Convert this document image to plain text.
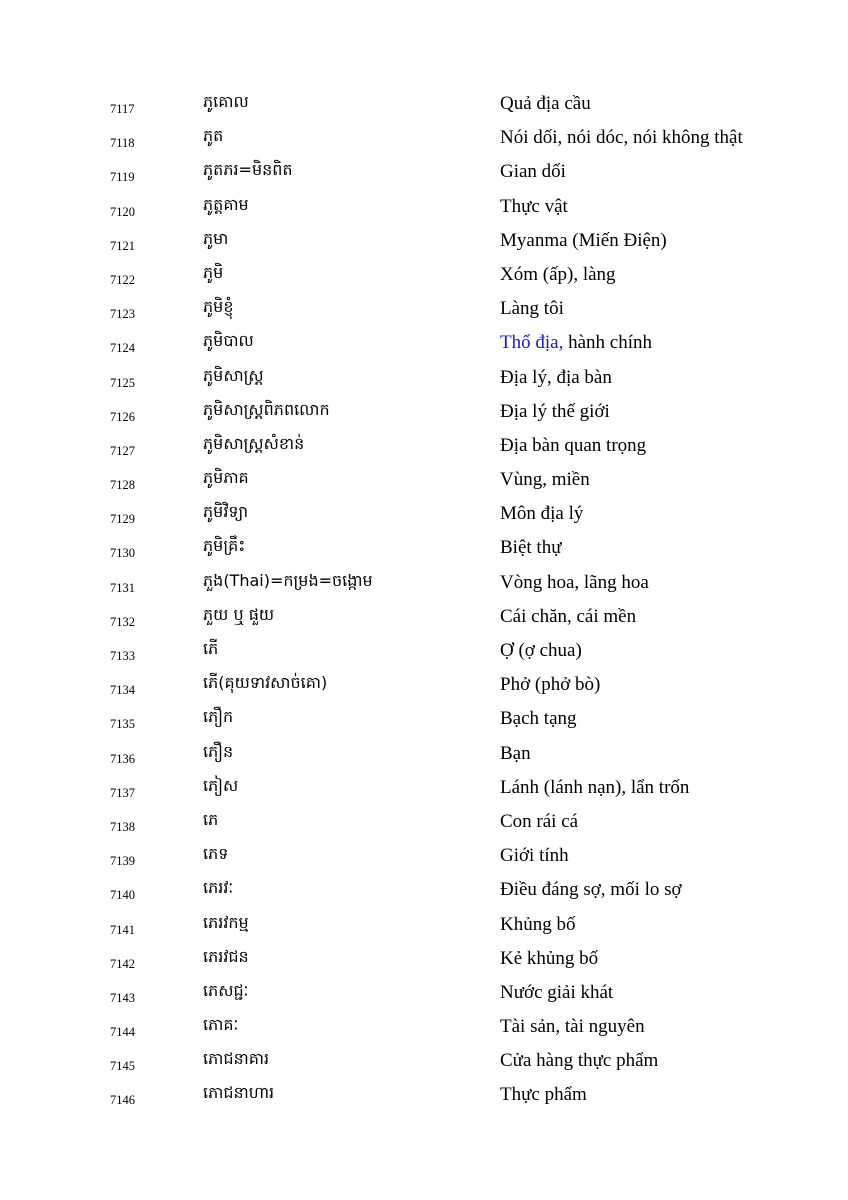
7117	ភូគោល	Quả địa cầu
7118	ភូត	Nói dối, nói dóc, nói không thật
7119	ភូតភរ=មិនពិត	Gian dối
7120	ភូត្តគាម	Thực vật
7121	ភូមា	Myanma (Miến Điện)
7122	ភូមិ	Xóm (ấp), làng
7123	ភូមិខ្ញុំ	Làng tôi
7124	ភូមិបាល	Thổ địa, hành chính
7125	ភូមិសាស្ត្រ	Địa lý, địa bàn
7126	ភូមិសាស្ត្រពិភពលោក	Địa lý thế giới
7127	ភូមិសាស្ត្រសំខាន់	Địa bàn quan trọng
7128	ភូមិភាគ	Vùng, miền
7129	ភូមិវិទ្យា	Môn địa lý
7130	ភូមិគ្រឹះ	Biệt thự
7131	ភួង(Thai)=កម្រង=ចង្កោម	Vòng hoa, lãng hoa
7132	ភួយ ឬ ផួយ	Cái chăn, cái mền
7133	ភើ	Ợ (ợ chua)
7134	ភើ(គុយទាវសាច់គោ)	Phở (phở bò)
7135	ភឿក	Bạch tạng
7136	ភឿន	Bạn
7137	ភៀស	Lánh (lánh nạn), lẩn trốn
7138	ភេ	Con rái cá
7139	ភេទ	Giới tính
7140	ភេរវៈ	Điều đáng sợ, mối lo sợ
7141	ភេរវកម្ម	Khủng bố
7142	ភេរវជន	Kẻ khủng bố
7143	ភេសជ្ជៈ	Nước giải khát
7144	ភោគៈ	Tài sản, tài nguyên
7145	ភោជនាគារ	Cửa hàng thực phẩm
7146	ភោជនាហារ	Thực phẩm
